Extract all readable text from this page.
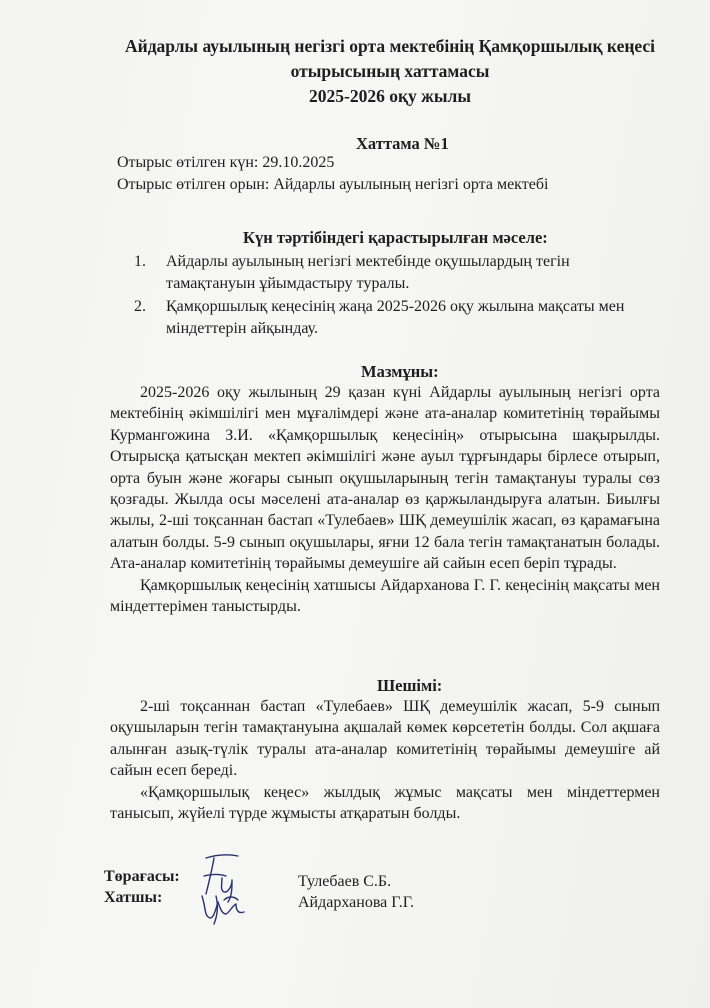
Айдарлы ауылының негізгі орта мектебінің Қамқоршылық кеңесі
отырысының хаттамасы
2025-2026 оқу жылы
Хаттама №1
Отырыс өтілген күн: 29.10.2025
Отырыс өтілген орын: Айдарлы ауылының негізгі орта мектебі
Күн тәртібіндегі қарастырылған мәселе:
1.	Айдарлы ауылының негізгі мектебінде оқушылардың тегін тамақтануын ұйымдастыру туралы.
2.	Қамқоршылық кеңесінің жаңа 2025-2026 оқу жылына мақсаты мен міндеттерін айқындау.
Мазмұны:

2025-2026 оқу жылының 29 қазан күні Айдарлы ауылының негізгі орта мектебінің әкімшілігі мен мұғалімдері және ата-аналар комитетінің төрайымы Курмангожина З.И. «Қамқоршылық кеңесінің» отырысына шақырылды. Отырысқа қатысқан мектеп әкімшілігі және ауыл тұрғындары бірлесе отырып, орта буын және жоғары сынып оқушыларының тегін тамақтануы туралы сөз қозғады. Жылда осы мәселені ата-аналар өз қаржыландыруға алатын. Биылғы жылы, 2-ші тоқсаннан бастап «Тулебаев» ШҚ демеушілік жасап, өз қарамағына алатын болды. 5-9 сынып оқушылары, яғни 12 бала тегін тамақтанатын болады. Ата-аналар комитетінің төрайымы демеушіге ай сайын есеп беріп тұрады.

Қамқоршылық кеңесінің хатшысы Айдарханова Г. Г. кеңесінің мақсаты мен міндеттерімен таныстырды.

Шешімі:

2-ші тоқсаннан бастап «Тулебаев» ШҚ демеушілік жасап, 5-9 сынып оқушыларын тегін тамақтануына ақшалай көмек көрсететін болды. Сол ақшаға алынған азық-түлік туралы ата-аналар комитетінің төрайымы демеушіге ай сайын есеп береді.

«Қамқоршылық кеңес» жылдық жұмыс мақсаты мен міндеттермен танысып, жүйелі түрде жұмысты атқаратын болды.

Төрағасы:	Тулебаев С.Б.
Хатшы:	Айдарханова Г.Г.
